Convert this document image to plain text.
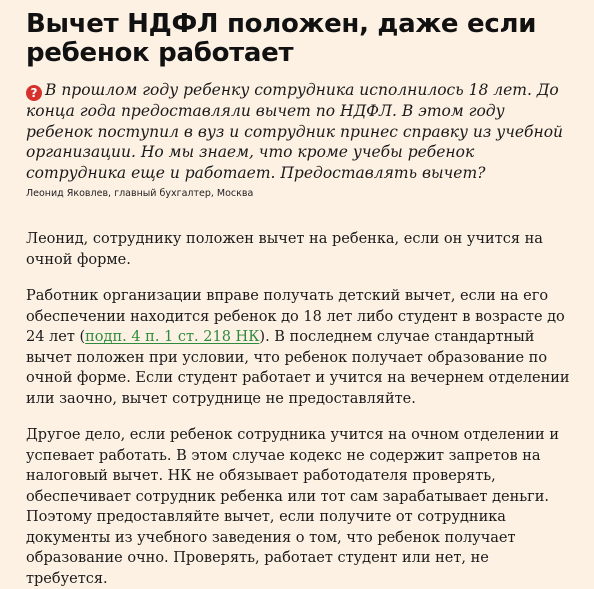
Вычет НДФЛ положен, даже если ребенок работает

? В прошлом году ребенку сотрудника исполнилось 18 лет. До конца года предоставляли вычет по НДФЛ. В этом году ребенок поступил в вуз и сотрудник принес справку из учебной организации. Но мы знаем, что кроме учебы ребенок сотрудника еще и работает. Предоставлять вычет?

Леонид Яковлев, главный бухгалтер, Москва

Леонид, сотруднику положен вычет на ребенка, если он учится на очной форме.

Работник организации вправе получать детский вычет, если на его обеспечении находится ребенок до 18 лет либо студент в возрасте до 24 лет (подп. 4 п. 1 ст. 218 НК). В последнем случае стандартный вычет положен при условии, что ребенок получает образование по очной форме. Если студент работает и учится на вечернем отделении или заочно, вычет сотруднице не предоставляйте.

Другое дело, если ребенок сотрудника учится на очном отделении и успевает работать. В этом случае кодекс не содержит запретов на налоговый вычет. НК не обязывает работодателя проверять, обеспечивает сотрудник ребенка или тот сам зарабатывает деньги. Поэтому предоставляйте вычет, если получите от сотрудника документы из учебного заведения о том, что ребенок получает образование очно. Проверять, работает студент или нет, не требуется.
